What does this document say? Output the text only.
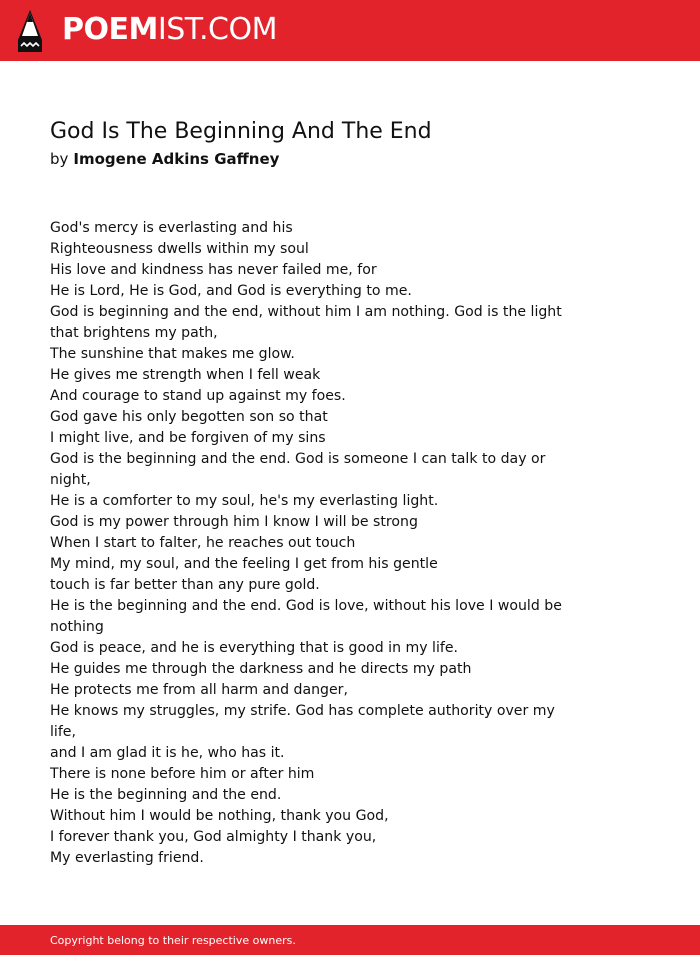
POEMIST.COM
God Is The Beginning And The End
by Imogene Adkins Gaffney
God's mercy is everlasting and his
Righteousness dwells within my soul
His love and kindness has never failed me, for
He is Lord, He is God, and God is everything to me.
God is beginning and the end, without him I am nothing. God is the light
that brightens my path,
The sunshine that makes me glow.
He gives me strength when I fell weak
And courage to stand up against my foes.
God gave his only begotten son so that
I might live, and be forgiven of my sins
God is the beginning and the end. God is someone I can talk to day or
night,
He is a comforter to my soul, he's my everlasting light.
God is my power through him I know I will be strong
When I start to falter, he reaches out touch
My mind, my soul, and the feeling I get from his gentle
touch is far better than any pure gold.
He is the beginning and the end. God is love, without his love I would be
nothing
God is peace, and he is everything that is good in my life.
He guides me through the darkness and he directs my path
He protects me from all harm and danger,
He knows my struggles, my strife. God has complete authority over my life,
and I am glad it is he, who has it.
There is none before him or after him
He is the beginning and the end.
Without him I would be nothing, thank you God,
I forever thank you, God almighty I thank you,
My everlasting friend.
Copyright belong to their respective owners.
